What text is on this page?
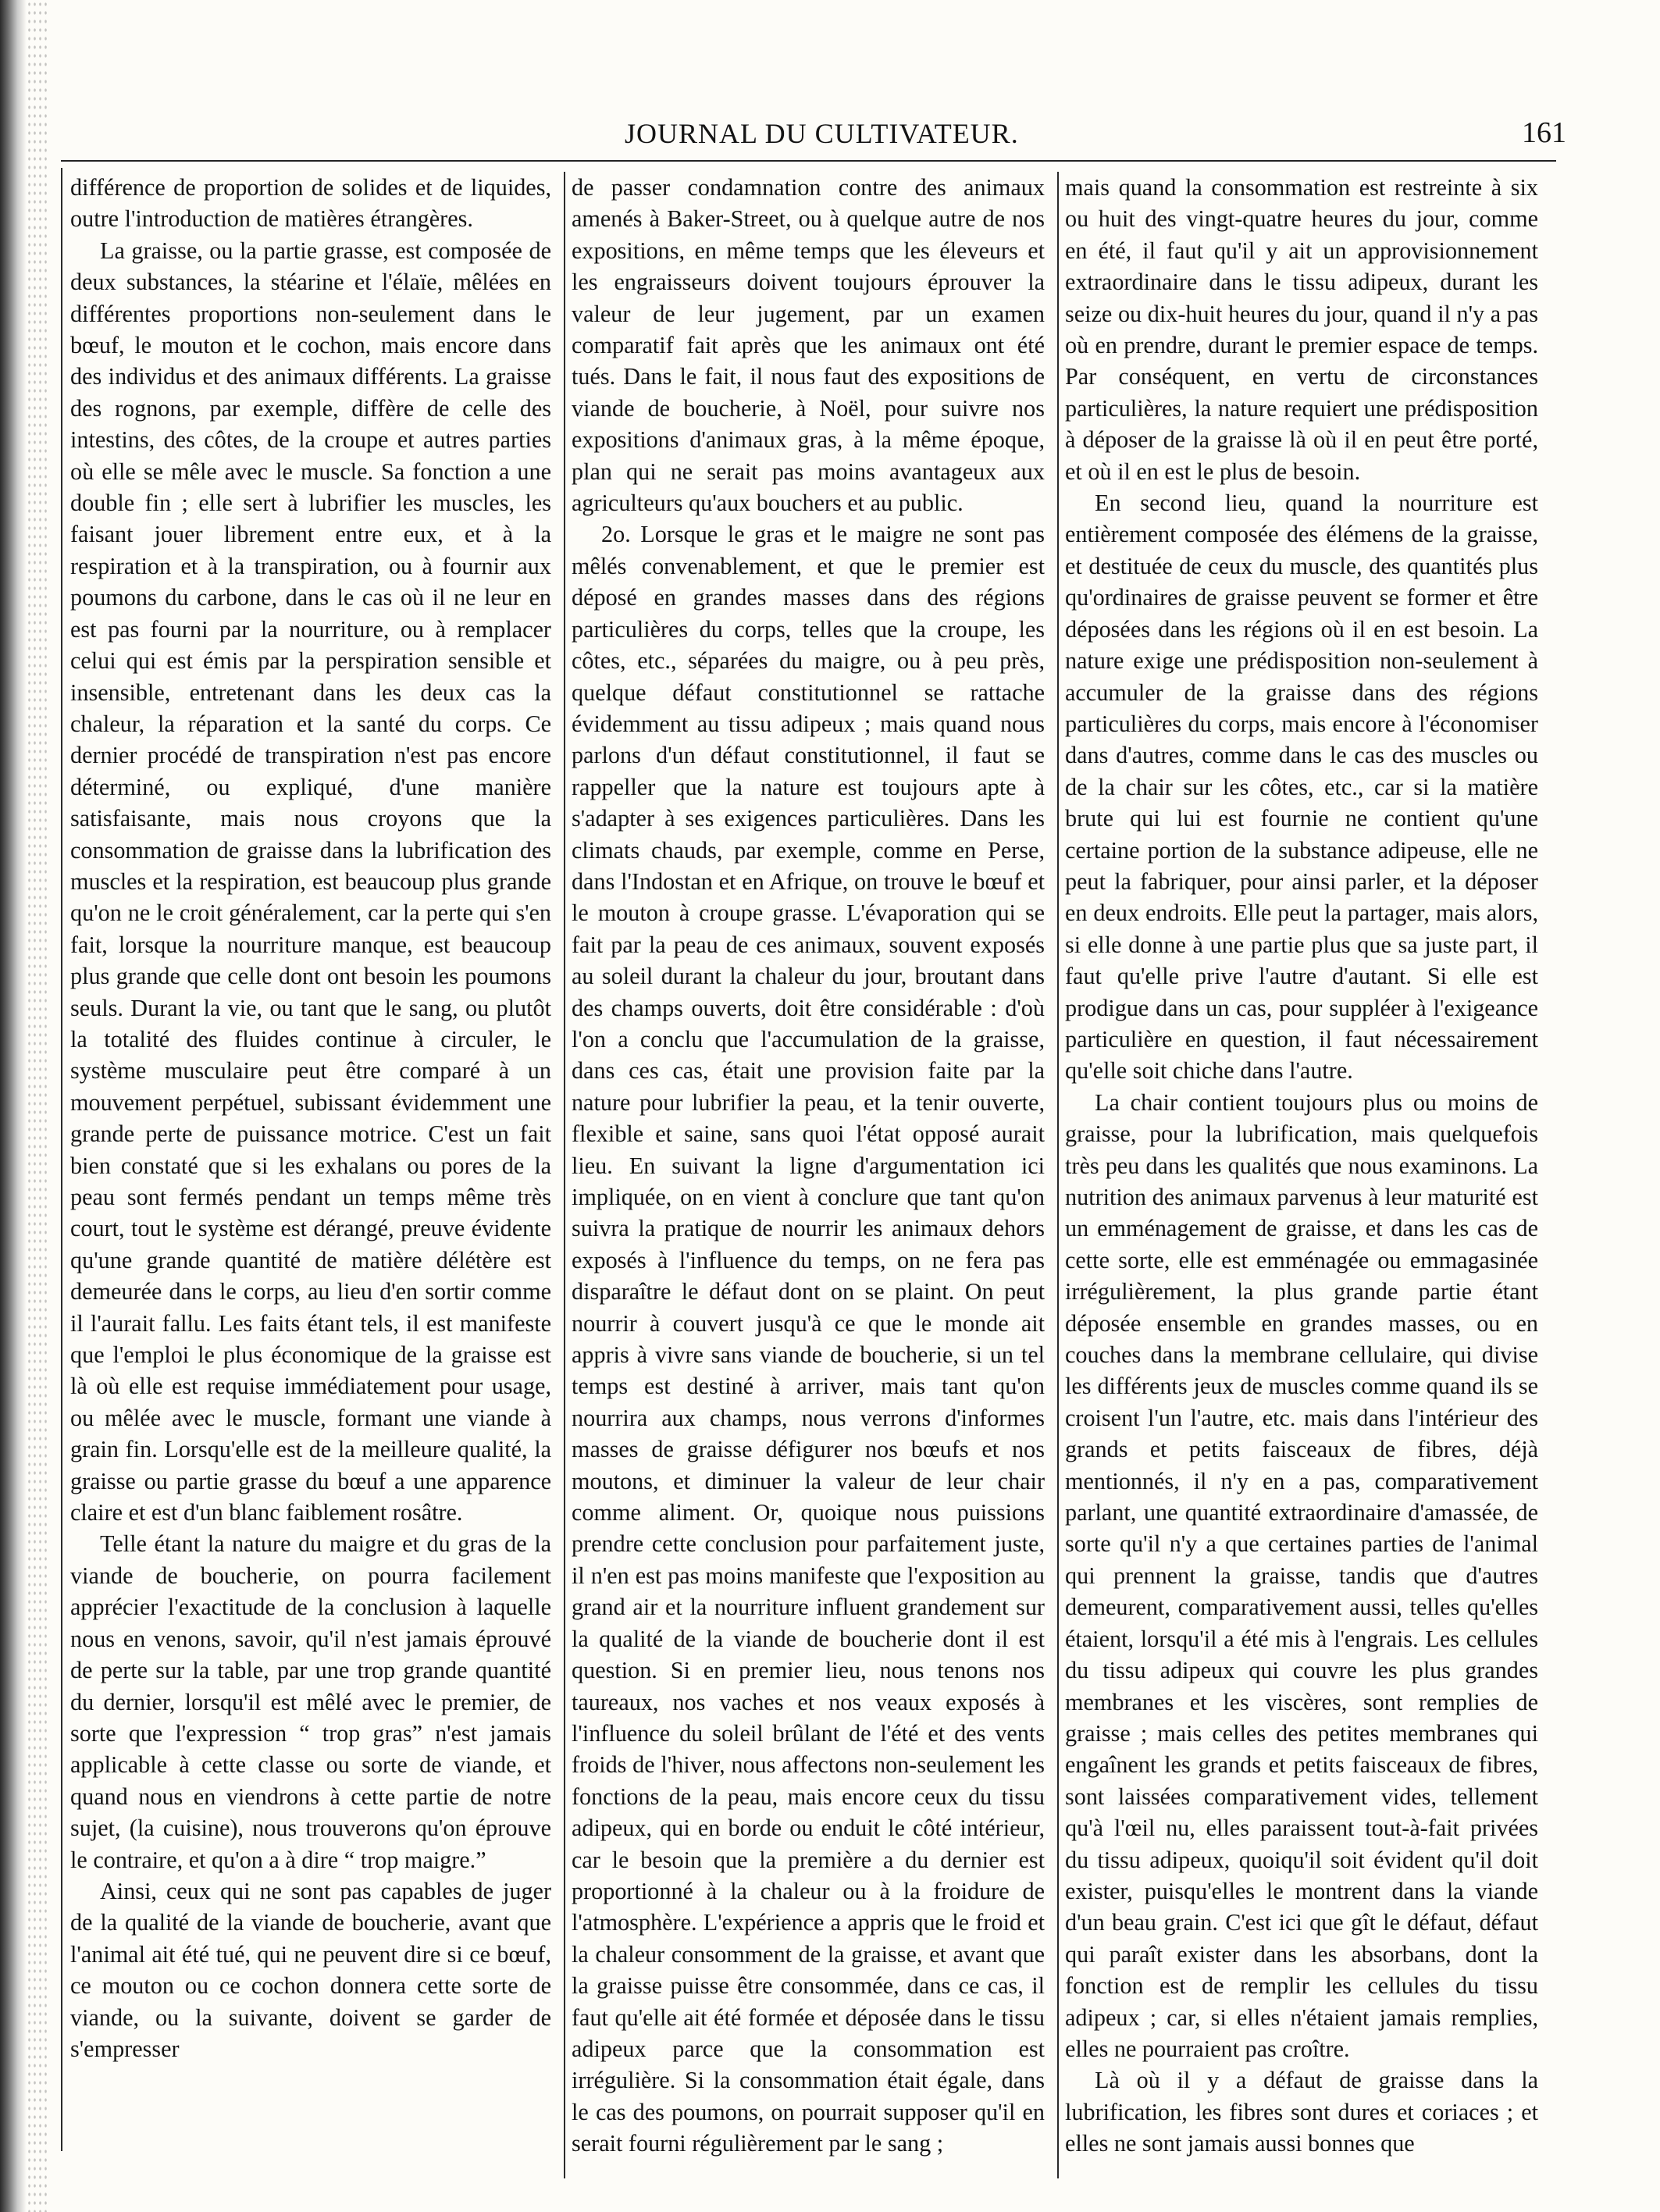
JOURNAL DU CULTIVATEUR.	161

différence de proportion de solides et de liquides, outre l'introduction de matières étrangères.

La graisse, ou la partie grasse, est composée de deux substances, la stéarine et l'élaïe, mêlées en différentes proportions non-seulement dans le bœuf, le mouton et le cochon, mais encore dans des individus et des animaux différents. La graisse des rognons, par exemple, diffère de celle des intestins, des côtes, de la croupe et autres parties où elle se mêle avec le muscle. Sa fonction a une double fin ; elle sert à lubrifier les muscles, les faisant jouer librement entre eux, et à la respiration et à la transpiration, ou à fournir aux poumons du carbone, dans le cas où il ne leur en est pas fourni par la nourriture, ou à remplacer celui qui est émis par la perspiration sensible et insensible, entretenant dans les deux cas la chaleur, la réparation et la santé du corps. Ce dernier procédé de transpiration n'est pas encore déterminé, ou expliqué, d'une manière satisfaisante, mais nous croyons que la consommation de graisse dans la lubrification des muscles et la respiration, est beaucoup plus grande qu'on ne le croit généralement, car la perte qui s'en fait, lorsque la nourriture manque, est beaucoup plus grande que celle dont ont besoin les poumons seuls. Durant la vie, ou tant que le sang, ou plutôt la totalité des fluides continue à circuler, le système musculaire peut être comparé à un mouvement perpétuel, subissant évidemment une grande perte de puissance motrice. C'est un fait bien constaté que si les exhalans ou pores de la peau sont fermés pendant un temps même très court, tout le système est dérangé, preuve évidente qu'une grande quantité de matière délétère est demeurée dans le corps, au lieu d'en sortir comme il l'aurait fallu. Les faits étant tels, il est manifeste que l'emploi le plus économique de la graisse est là où elle est requise immédiatement pour usage, ou mêlée avec le muscle, formant une viande à grain fin. Lorsqu'elle est de la meilleure qualité, la graisse ou partie grasse du bœuf a une apparence claire et est d'un blanc faiblement rosâtre.

Telle étant la nature du maigre et du gras de la viande de boucherie, on pourra facilement apprécier l'exactitude de la conclusion à laquelle nous en venons, savoir, qu'il n'est jamais éprouvé de perte sur la table, par une trop grande quantité du dernier, lorsqu'il est mêlé avec le premier, de sorte que l'expression “ trop gras” n'est jamais applicable à cette classe ou sorte de viande, et quand nous en viendrons à cette partie de notre sujet, (la cuisine), nous trouverons qu'on éprouve le contraire, et qu'on a à dire “ trop maigre.”

Ainsi, ceux qui ne sont pas capables de juger de la qualité de la viande de boucherie, avant que l'animal ait été tué, qui ne peuvent dire si ce bœuf, ce mouton ou ce cochon donnera cette sorte de viande, ou la suivante, doivent se garder de s'empresser

de passer condamnation contre des animaux amenés à Baker-Street, ou à quelque autre de nos expositions, en même temps que les éleveurs et les engraisseurs doivent toujours éprouver la valeur de leur jugement, par un examen comparatif fait après que les animaux ont été tués. Dans le fait, il nous faut des expositions de viande de boucherie, à Noël, pour suivre nos expositions d'animaux gras, à la même époque, plan qui ne serait pas moins avantageux aux agriculteurs qu'aux bouchers et au public.

2o. Lorsque le gras et le maigre ne sont pas mêlés convenablement, et que le premier est déposé en grandes masses dans des régions particulières du corps, telles que la croupe, les côtes, etc., séparées du maigre, ou à peu près, quelque défaut constitutionnel se rattache évidemment au tissu adipeux ; mais quand nous parlons d'un défaut constitutionnel, il faut se rappeller que la nature est toujours apte à s'adapter à ses exigences particulières. Dans les climats chauds, par exemple, comme en Perse, dans l'Indostan et en Afrique, on trouve le bœuf et le mouton à croupe grasse. L'évaporation qui se fait par la peau de ces animaux, souvent exposés au soleil durant la chaleur du jour, broutant dans des champs ouverts, doit être considérable : d'où l'on a conclu que l'accumulation de la graisse, dans ces cas, était une provision faite par la nature pour lubrifier la peau, et la tenir ouverte, flexible et saine, sans quoi l'état opposé aurait lieu. En suivant la ligne d'argumentation ici impliquée, on en vient à conclure que tant qu'on suivra la pratique de nourrir les animaux dehors exposés à l'influence du temps, on ne fera pas disparaître le défaut dont on se plaint. On peut nourrir à couvert jusqu'à ce que le monde ait appris à vivre sans viande de boucherie, si un tel temps est destiné à arriver, mais tant qu'on nourrira aux champs, nous verrons d'informes masses de graisse défigurer nos bœufs et nos moutons, et diminuer la valeur de leur chair comme aliment. Or, quoique nous puissions prendre cette conclusion pour parfaitement juste, il n'en est pas moins manifeste que l'exposition au grand air et la nourriture influent grandement sur la qualité de la viande de boucherie dont il est question. Si en premier lieu, nous tenons nos taureaux, nos vaches et nos veaux exposés à l'influence du soleil brûlant de l'été et des vents froids de l'hiver, nous affectons non-seulement les fonctions de la peau, mais encore ceux du tissu adipeux, qui en borde ou enduit le côté intérieur, car le besoin que la première a du dernier est proportionné à la chaleur ou à la froidure de l'atmosphère. L'expérience a appris que le froid et la chaleur consomment de la graisse, et avant que la graisse puisse être consommée, dans ce cas, il faut qu'elle ait été formée et déposée dans le tissu adipeux parce que la consommation est irrégulière. Si la consommation était égale, dans le cas des poumons, on pourrait supposer qu'il en serait fourni régulièrement par le sang ;

mais quand la consommation est restreinte à six ou huit des vingt-quatre heures du jour, comme en été, il faut qu'il y ait un approvisionnement extraordinaire dans le tissu adipeux, durant les seize ou dix-huit heures du jour, quand il n'y a pas où en prendre, durant le premier espace de temps. Par conséquent, en vertu de circonstances particulières, la nature requiert une prédisposition à déposer de la graisse là où il en peut être porté, et où il en est le plus de besoin.

En second lieu, quand la nourriture est entièrement composée des élémens de la graisse, et destituée de ceux du muscle, des quantités plus qu'ordinaires de graisse peuvent se former et être déposées dans les régions où il en est besoin. La nature exige une prédisposition non-seulement à accumuler de la graisse dans des régions particulières du corps, mais encore à l'économiser dans d'autres, comme dans le cas des muscles ou de la chair sur les côtes, etc., car si la matière brute qui lui est fournie ne contient qu'une certaine portion de la substance adipeuse, elle ne peut la fabriquer, pour ainsi parler, et la déposer en deux endroits. Elle peut la partager, mais alors, si elle donne à une partie plus que sa juste part, il faut qu'elle prive l'autre d'autant. Si elle est prodigue dans un cas, pour suppléer à l'exigeance particulière en question, il faut nécessairement qu'elle soit chiche dans l'autre.

La chair contient toujours plus ou moins de graisse, pour la lubrification, mais quelquefois très peu dans les qualités que nous examinons. La nutrition des animaux parvenus à leur maturité est un emménagement de graisse, et dans les cas de cette sorte, elle est emménagée ou emmagasinée irrégulièrement, la plus grande partie étant déposée ensemble en grandes masses, ou en couches dans la membrane cellulaire, qui divise les différents jeux de muscles comme quand ils se croisent l'un l'autre, etc. mais dans l'intérieur des grands et petits faisceaux de fibres, déjà mentionnés, il n'y en a pas, comparativement parlant, une quantité extraordinaire d'amassée, de sorte qu'il n'y a que certaines parties de l'animal qui prennent la graisse, tandis que d'autres demeurent, comparativement aussi, telles qu'elles étaient, lorsqu'il a été mis à l'engrais. Les cellules du tissu adipeux qui couvre les plus grandes membranes et les viscères, sont remplies de graisse ; mais celles des petites membranes qui engaînent les grands et petits faisceaux de fibres, sont laissées comparativement vides, tellement qu'à l'œil nu, elles paraissent tout-à-fait privées du tissu adipeux, quoiqu'il soit évident qu'il doit exister, puisqu'elles le montrent dans la viande d'un beau grain. C'est ici que gît le défaut, défaut qui paraît exister dans les absorbans, dont la fonction est de remplir les cellules du tissu adipeux ; car, si elles n'étaient jamais remplies, elles ne pourraient pas croître.

Là où il y a défaut de graisse dans la lubrification, les fibres sont dures et coriaces ; et elles ne sont jamais aussi bonnes que
